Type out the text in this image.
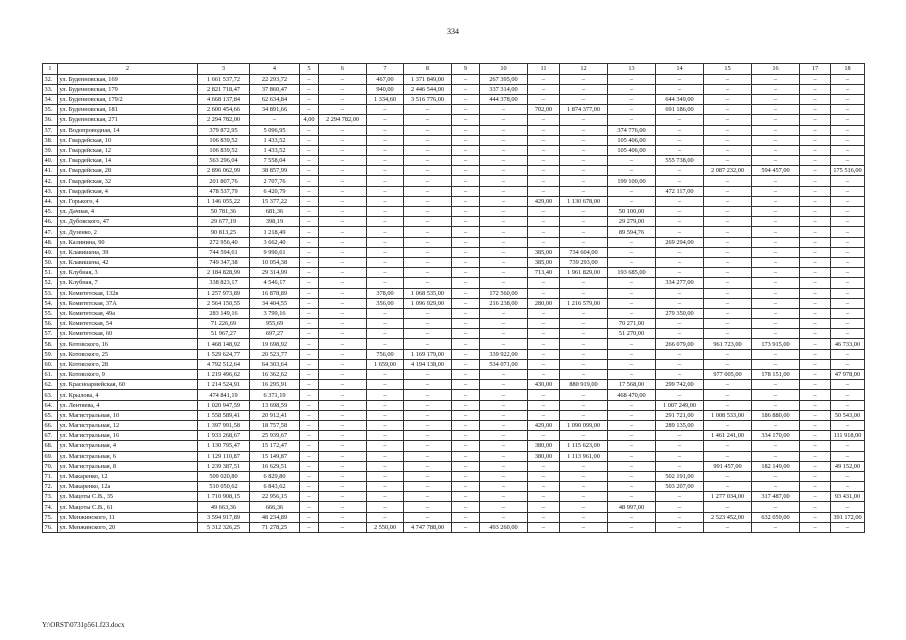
334
1	2	3	4	5	6	7	8	9	10	11	12	13	14	15	16	17	18
32.	ул. Буденновская, 169	1 661 537,72	22 293,72	–	–	467,00	1 371 849,00	–	267 395,00	–	–	–	–	–	–	–	–
33.	ул. Буденновская, 179	2 821 718,47	37 860,47	–	–	940,00	2 446 544,00	–	337 314,00	–	–	–	–	–	–	–	–
34.	ул. Буденновская, 179/2	4 668 137,84	62 634,84	–	–	1 334,60	3 516 776,00	–	444 378,00	–	–	–	644 349,00	–	–	–	–
35.	ул. Буденновская, 181	2 600 454,66	34 891,66	–	–	–	–	–	–	702,00	1 874 377,00	–	691 186,00	–	–	–	–
36.	ул. Буденновская, 271	2 294 782,00	–	4,00	2 294 782,00	–	–	–	–	–	–	–	–	–	–	–	–
37.	ул. Водопроводная, 14	379 872,95	5 096,95	–	–	–	–	–	–	–	–	374 776,00	–	–	–	–	–
38.	ул. Гвардейская, 10	106 839,52	1 433,52	–	–	–	–	–	–	–	–	105 406,00	–	–	–	–	–
39.	ул. Гвардейская, 12	106 839,52	1 433,52	–	–	–	–	–	–	–	–	105 406,00	–	–	–	–	–
40.	ул. Гвардейская, 14	563 296,04	7 558,04	–	–	–	–	–	–	–	–	–	555 738,00	–	–	–	–
41.	ул. Гвардейская, 28	2 896 062,99	38 857,99	–	–	–	–	–	–	–	–	–	–	2 087 232,00	594 457,00	–	175 516,00
42.	ул. Гвардейская, 32	201 807,76	2 707,76	–	–	–	–	–	–	–	–	199 100,00	–	–	–	–	–
43.	ул. Гвардейская, 4	478 537,79	6 420,79	–	–	–	–	–	–	–	–	–	472 117,00	–	–	–	–
44.	ул. Горького, 4	1 146 055,22	15 377,22	–	–	–	–	–	–	429,00	1 130 678,00	–	–	–	–	–	–
45.	ул. Дачная, 4	50 781,36	681,36	–	–	–	–	–	–	–	–	50 100,00	–	–	–	–	–
46.	ул. Дубовского, 47	29 677,19	398,19	–	–	–	–	–	–	–	–	29 279,00	–	–	–	–	–
47.	ул. Дузенко, 2	90 813,25	1 218,49	–	–	–	–	–	–	–	–	89 594,76	–	–	–	–	–
48.	ул. Калинина, 90	272 956,40	3 662,40	–	–	–	–	–	–	–	–	–	269 294,00	–	–	–	–
49.	ул. Клавишена, 39	744 594,61	9 990,61	–	–	–	–	–	–	385,00	734 604,00	–	–	–	–	–	–
50.	ул. Клавишена, 42	749 347,38	10 054,38	–	–	–	–	–	–	385,00	739 293,00	–	–	–	–	–	–
51.	ул. Клубная, 3	2 184 828,99	29 314,99	–	–	–	–	–	–	713,40	1 961 829,00	193 685,00	–	–	–	–	–
52.	ул. Клубная, 7	338 823,17	4 546,17	–	–	–	–	–	–	–	–	–	334 277,00	–	–	–	–
53.	ул. Комитетская, 132в	1 257 973,89	16 878,89	–	–	378,00	1 068 535,00	–	172 560,00	–	–	–	–	–	–	–	–
54.	ул. Комитетская, 37А	2 564 150,55	34 404,55	–	–	356,00	1 096 929,00	–	216 238,00	280,00	1 216 579,00	–	–	–	–	–	–
55.	ул. Комитетская, 49а	283 149,16	3 799,16	–	–	–	–	–	–	–	–	–	279 350,00	–	–	–	–
56.	ул. Комитетская, 54	71 226,69	955,69	–	–	–	–	–	–	–	–	70 271,00	–	–	–	–	–
57.	ул. Комитетская, 60	51 967,27	697,27	–	–	–	–	–	–	–	–	51 270,00	–	–	–	–	–
58.	ул. Котовского, 16	1 468 148,92	19 698,92	–	–	–	–	–	–	–	–	–	266 079,00	961 723,00	173 915,00	–	46 733,00
59.	ул. Котовского, 25	1 529 624,77	20 523,77	–	–	756,00	1 169 179,00	–	339 922,00	–	–	–	–	–	–	–	–
60.	ул. Котовского, 28	4 792 512,64	64 303,64	–	–	1 659,00	4 194 138,00	–	534 071,00	–	–	–	–	–	–	–	–
61.	ул. Котовского, 9	1 219 496,62	16 362,62	–	–	–	–	–	–	–	–	–	–	977 005,00	178 151,00	–	47 978,00
62.	ул. Красноармейская, 60	1 214 524,91	16 295,91	–	–	–	–	–	–	430,00	880 919,00	17 568,00	299 742,00	–	–	–	–
63.	ул. Крылова, 4	474 841,19	6 371,19	–	–	–	–	–	–	–	–	468 470,00	–	–	–	–	–
64.	ул. Лентяева, 4	1 020 947,59	13 698,59	–	–	–	–	–	–	–	–	–	1 007 249,00	–	–	–	–
65.	ул. Магистральная, 10	1 558 589,41	20 912,41	–	–	–	–	–	–	–	–	–	291 721,00	1 008 533,00	186 880,00	–	50 543,00
66.	ул. Магистральная, 12	1 397 991,58	18 757,58	–	–	–	–	–	–	429,00	1 090 099,00	–	289 135,00	–	–	–	–
67.	ул. Магистральная, 16	1 933 268,67	25 939,67	–	–	–	–	–	–	–	–	–	–	1 461 241,00	334 170,00	–	111 918,00
68.	ул. Магистральная, 4	1 130 795,47	15 172,47	–	–	–	–	–	–	380,00	1 115 623,00	–	–	–	–	–	–
69.	ул. Магистральная, 6	1 129 110,87	15 149,87	–	–	–	–	–	–	380,00	1 113 961,00	–	–	–	–	–	–
70.	ул. Магистральная, 8	1 239 387,51	16 629,51	–	–	–	–	–	–	–	–	–	–	991 457,00	182 149,00	–	49 152,00
71.	ул. Макаренко, 12	509 020,80	6 829,80	–	–	–	–	–	–	–	–	–	502 191,00	–	–	–	–
72.	ул. Макаренко, 12а	510 050,62	6 843,62	–	–	–	–	–	–	–	–	–	503 207,00	–	–	–	–
73.	ул. Мацоты С.В., 35	1 710 908,15	22 956,15	–	–	–	–	–	–	–	–	–	–	1 277 034,00	317 487,00	–	93 431,00
74.	ул. Мацоты С.В., 61	49 663,36	666,36	–	–	–	–	–	–	–	–	48 997,00	–	–	–	–	–
75.	ул. Менжинского, 11	3 594 917,89	48 234,89	–	–	–	–	–	–	–	–	–	–	2 523 452,00	632 059,00	–	391 172,00
76.	ул. Менжинского, 20	5 312 326,25	71 278,25	–	–	2 550,00	4 747 788,00	–	493 260,00	–	–	–	–	–	–	–	–
Y:\ORST\0731p561.f23.docx
